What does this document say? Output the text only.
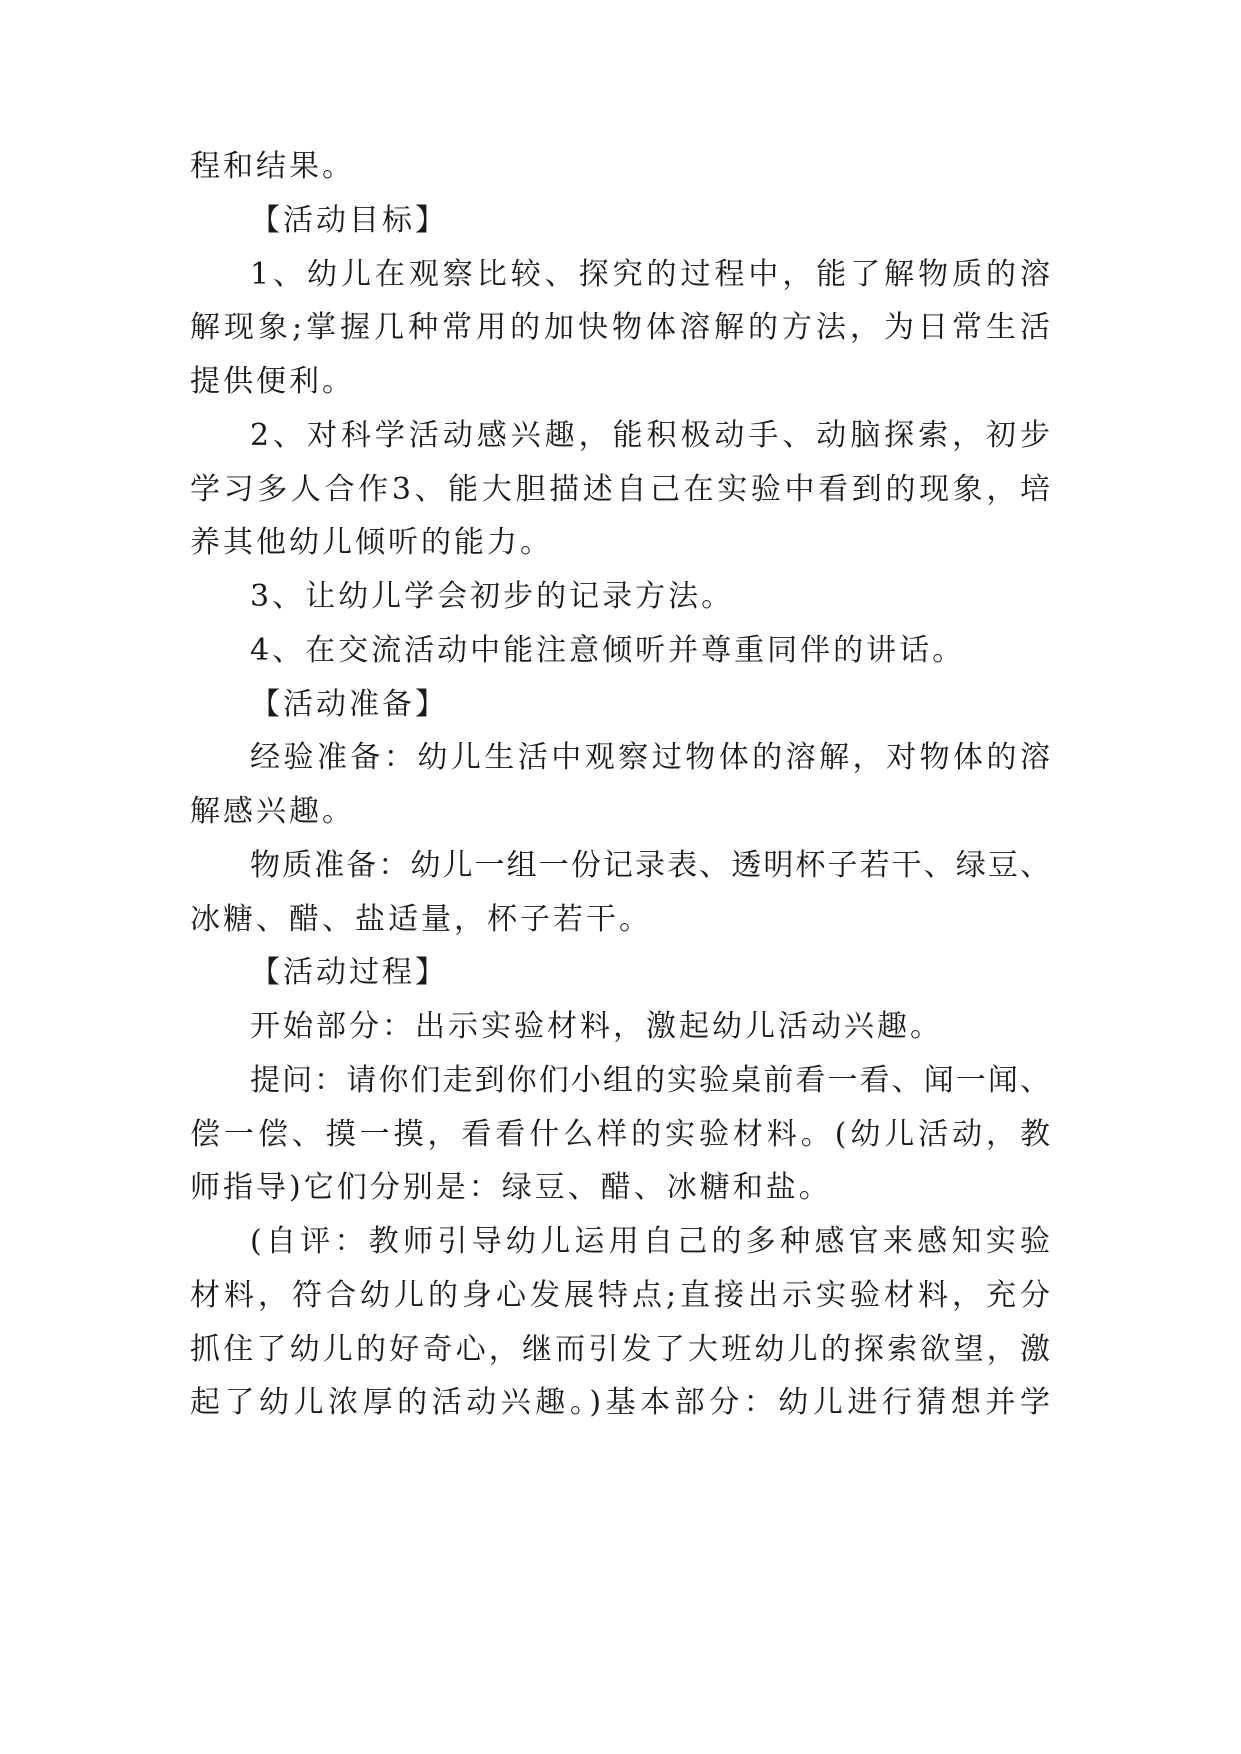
程和结果。
【活动目标】
1、幼儿在观察比较、探究的过程中，能了解物质的溶
解现象;掌握几种常用的加快物体溶解的方法，为日常生活
提供便利。
2、对科学活动感兴趣，能积极动手、动脑探索，初步
学习多人合作3、能大胆描述自己在实验中看到的现象，培
养其他幼儿倾听的能力。
3、让幼儿学会初步的记录方法。
4、在交流活动中能注意倾听并尊重同伴的讲话。
【活动准备】
经验准备：幼儿生活中观察过物体的溶解，对物体的溶
解感兴趣。
物质准备：幼儿一组一份记录表、透明杯子若干、绿豆、
冰糖、醋、盐适量，杯子若干。
【活动过程】
开始部分：出示实验材料，激起幼儿活动兴趣。
提问：请你们走到你们小组的实验桌前看一看、闻一闻、
偿一偿、摸一摸，看看什么样的实验材料。(幼儿活动，教
师指导)它们分别是：绿豆、醋、冰糖和盐。
(自评：教师引导幼儿运用自己的多种感官来感知实验
材料，符合幼儿的身心发展特点;直接出示实验材料，充分
抓住了幼儿的好奇心，继而引发了大班幼儿的探索欲望，激
起了幼儿浓厚的活动兴趣。)基本部分：幼儿进行猜想并学
